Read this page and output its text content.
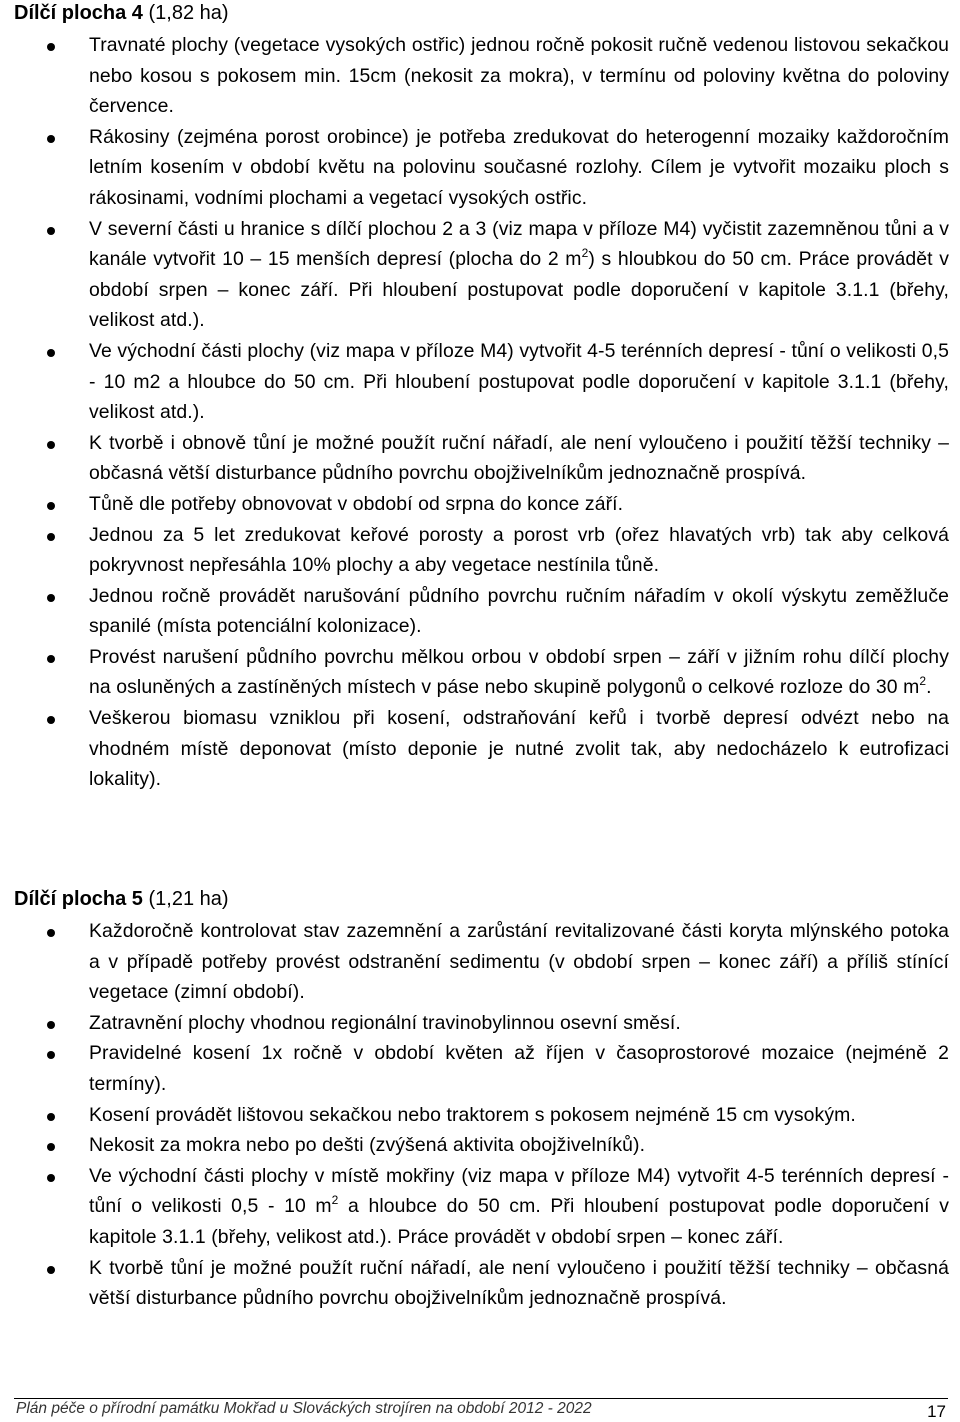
Dílčí plocha 4 (1,82 ha)
Travnaté plochy (vegetace vysokých ostřic) jednou ročně pokosit ručně vedenou listovou sekačkou nebo kosou s pokosem min. 15cm (nekosit za mokra), v termínu od poloviny května do poloviny července.
Rákosiny (zejména porost orobince) je potřeba zredukovat do heterogenní mozaiky každoročním letním kosením v období květu na polovinu současné rozlohy. Cílem je vytvořit mozaiku ploch s rákosinami, vodními plochami a vegetací vysokých ostřic.
V severní části u hranice s dílčí plochou 2 a 3 (viz mapa v příloze M4) vyčistit zazemněnou tůni a v kanále vytvořit 10 – 15 menších depresí (plocha do 2 $m^2$) s hloubkou do 50 cm. Práce provádět v období srpen – konec září. Při hloubení postupovat podle doporučení v kapitole 3.1.1 (břehy, velikost atd.).
Ve východní části plochy (viz mapa v příloze M4) vytvořit 4-5 terénních depresí - tůní o velikosti 0,5 - 10 m2 a hloubce do 50 cm. Při hloubení postupovat podle doporučení v kapitole 3.1.1 (břehy, velikost atd.).
K tvorbě i obnově tůní je možné použít ruční nářadí, ale není vyloučeno i použití těžší techniky – občasná větší disturbance půdního povrchu obojživelníkům jednoznačně prospívá.
Tůně dle potřeby obnovovat v období od srpna do konce září.
Jednou za 5 let zredukovat keřové porosty a porost vrb (ořez hlavatých vrb) tak aby celková pokryvnost nepřesáhla 10% plochy a aby vegetace nestínila tůně.
Jednou ročně provádět narušování půdního povrchu ručním nářadím v okolí výskytu zeměžluče spanilé (místa potenciální kolonizace).
Provést narušení půdního povrchu mělkou orbou v období srpen – září v jižním rohu dílčí plochy na osluněných a zastíněných místech v páse nebo skupině polygonů o celkové rozloze do 30 $m^2$.
Veškerou biomasu vzniklou při kosení, odstraňování keřů i tvorbě depresí odvézt nebo na vhodném místě deponovat (místo deponie je nutné zvolit tak, aby nedocházelo k eutrofizaci lokality).
Dílčí plocha 5 (1,21 ha)
Každoročně kontrolovat stav zazemnění a zarůstání revitalizované části koryta mlýnského potoka a v případě potřeby provést odstranění sedimentu (v období srpen – konec září) a příliš stínící vegetace (zimní období).
Zatravnění plochy vhodnou regionální travinobylinnou osevní směsí.
Pravidelné kosení 1x ročně v období květen až říjen v časoprostorové mozaice (nejméně 2 termíny).
Kosení provádět lištovou sekačkou nebo traktorem s pokosem nejméně 15 cm vysokým.
Nekosit za mokra nebo po dešti (zvýšená aktivita obojživelníků).
Ve východní části plochy v místě mokřiny (viz mapa v příloze M4) vytvořit 4-5 terénních depresí - tůní o velikosti 0,5 - 10 $m^2$ a hloubce do 50 cm. Při hloubení postupovat podle doporučení v kapitole 3.1.1 (břehy, velikost atd.). Práce provádět v období srpen – konec září.
K tvorbě tůní je možné použít ruční nářadí, ale není vyloučeno i použití těžší techniky – občasná větší disturbance půdního povrchu obojživelníkům jednoznačně prospívá.
Plán péče o přírodní památku Mokřad u Slováckých strojíren na období 2012 - 2022	17
